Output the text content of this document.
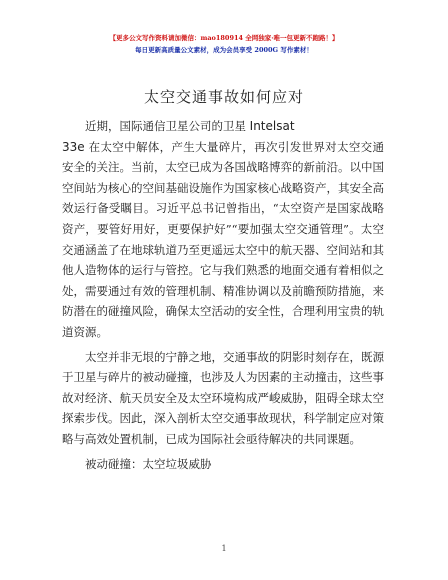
【更多公文写作资料请加微信：mao180914 全网独家·唯一包更新不跑路！】
每日更新高质量公文素材，成为会员享受 2000G 写作素材！
太空交通事故如何应对

近期，国际通信卫星公司的卫星 Intelsat

33e 在太空中解体，产生大量碎片，再次引发世界对太空交通安全的关注。当前，太空已成为各国战略博弈的新前沿。以中国空间站为核心的空间基础设施作为国家核心战略资产，其安全高效运行备受瞩目。习近平总书记曾指出，“太空资产是国家战略资产，要管好用好，更要保护好”“要加强太空交通管理”。太空交通涵盖了在地球轨道乃至更遥远太空中的航天器、空间站和其他人造物体的运行与管控。它与我们熟悉的地面交通有着相似之处，需要通过有效的管理机制、精准协调以及前瞻预防措施，来防潜在的碰撞风险，确保太空活动的安全性，合理利用宝贵的轨道资源。

太空并非无垠的宁静之地，交通事故的阴影时刻存在，既源于卫星与碎片的被动碰撞，也涉及人为因素的主动撞击，这些事故对经济、航天员安全及太空环境构成严峻威胁，阻碍全球太空探索步伐。因此，深入剖析太空交通事故现状，科学制定应对策略与高效处置机制，已成为国际社会亟待解决的共同课题。

被动碰撞：太空垃圾威胁

1
